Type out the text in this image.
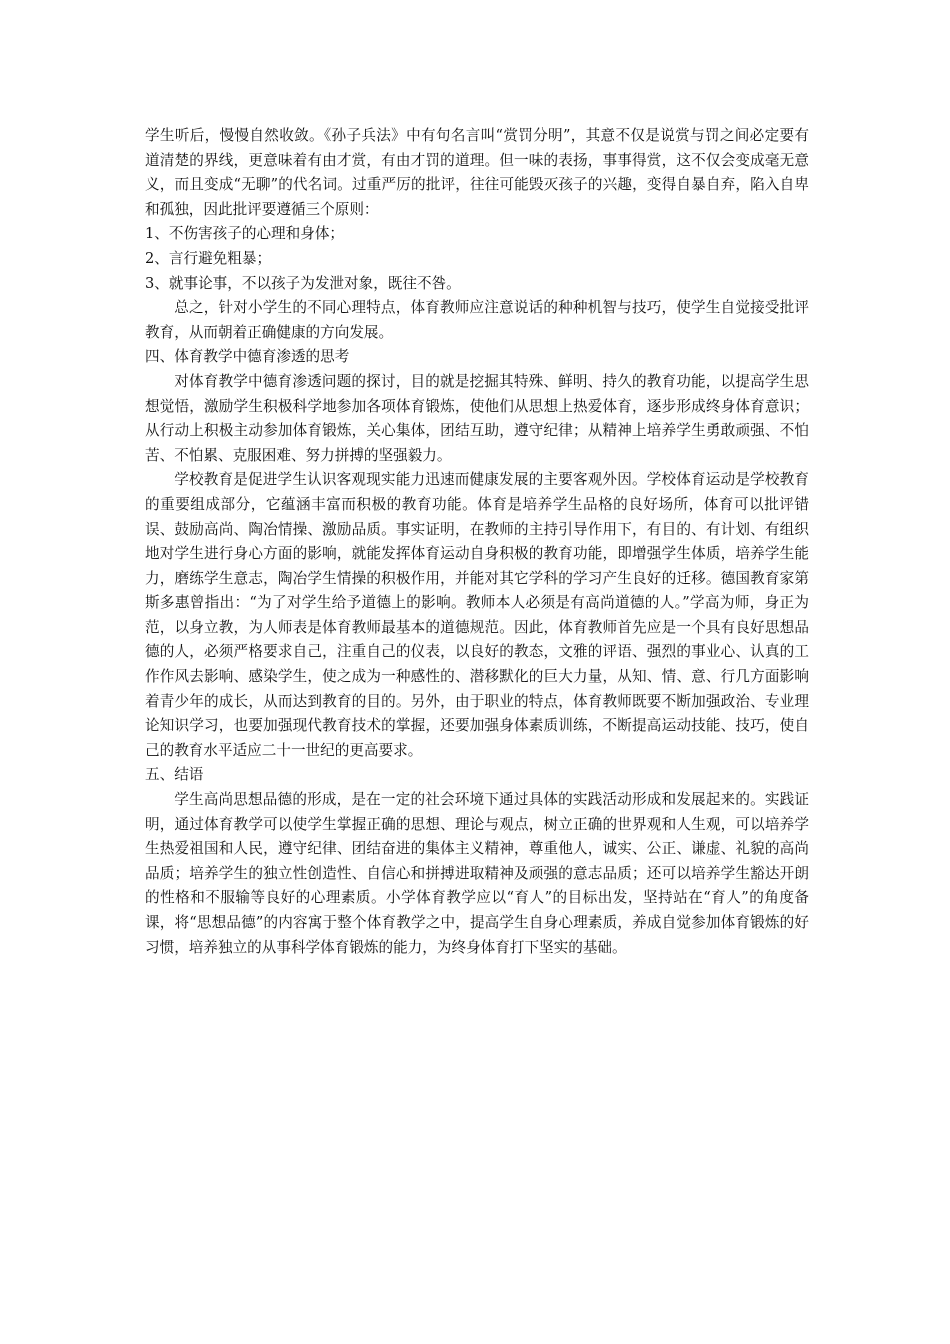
学生听后，慢慢自然收敛。《孙子兵法》中有句名言叫“赏罚分明”，其意不仅是说赏与罚之间必定要有道清楚的界线，更意味着有由才赏，有由才罚的道理。但一味的表扬，事事得赏，这不仅会变成毫无意义，而且变成“无聊”的代名词。过重严厉的批评，往往可能毁灭孩子的兴趣，变得自暴自弃，陷入自卑和孤独，因此批评要遵循三个原则：

1、不伤害孩子的心理和身体；

2、言行避免粗暴；

3、就事论事，不以孩子为发泄对象，既往不咎。

总之，针对小学生的不同心理特点，体育教师应注意说话的种种机智与技巧，使学生自觉接受批评教育，从而朝着正确健康的方向发展。

四、体育教学中德育渗透的思考

对体育教学中德育渗透问题的探讨，目的就是挖掘其特殊、鲜明、持久的教育功能，以提高学生思想觉悟，激励学生积极科学地参加各项体育锻炼，使他们从思想上热爱体育，逐步形成终身体育意识；从行动上积极主动参加体育锻炼，关心集体，团结互助，遵守纪律；从精神上培养学生勇敢顽强、不怕苦、不怕累、克服困难、努力拼搏的坚强毅力。

学校教育是促进学生认识客观现实能力迅速而健康发展的主要客观外因。学校体育运动是学校教育的重要组成部分，它蕴涵丰富而积极的教育功能。体育是培养学生品格的良好场所，体育可以批评错误、鼓励高尚、陶冶情操、激励品质。事实证明，在教师的主持引导作用下，有目的、有计划、有组织地对学生进行身心方面的影响，就能发挥体育运动自身积极的教育功能，即增强学生体质，培养学生能力，磨练学生意志，陶冶学生情操的积极作用，并能对其它学科的学习产生良好的迁移。德国教育家第斯多惠曾指出：“为了对学生给予道德上的影响。教师本人必须是有高尚道德的人。”学高为师，身正为范，以身立教，为人师表是体育教师最基本的道德规范。因此，体育教师首先应是一个具有良好思想品德的人，必须严格要求自己，注重自己的仪表，以良好的教态，文雅的评语、强烈的事业心、认真的工作作风去影响、感染学生，使之成为一种感性的、潜移默化的巨大力量，从知、情、意、行几方面影响着青少年的成长，从而达到教育的目的。另外，由于职业的特点，体育教师既要不断加强政治、专业理论知识学习，也要加强现代教育技术的掌握，还要加强身体素质训练，不断提高运动技能、技巧，使自己的教育水平适应二十一世纪的更高要求。

五、结语

学生高尚思想品德的形成，是在一定的社会环境下通过具体的实践活动形成和发展起来的。实践证明，通过体育教学可以使学生掌握正确的思想、理论与观点，树立正确的世界观和人生观，可以培养学生热爱祖国和人民，遵守纪律、团结奋进的集体主义精神，尊重他人，诚实、公正、谦虚、礼貌的高尚品质；培养学生的独立性创造性、自信心和拼搏进取精神及顽强的意志品质；还可以培养学生豁达开朗的性格和不服输等良好的心理素质。小学体育教学应以“育人”的目标出发，坚持站在“育人”的角度备课，将“思想品德”的内容寓于整个体育教学之中，提高学生自身心理素质，养成自觉参加体育锻炼的好习惯，培养独立的从事科学体育锻炼的能力，为终身体育打下坚实的基础。
